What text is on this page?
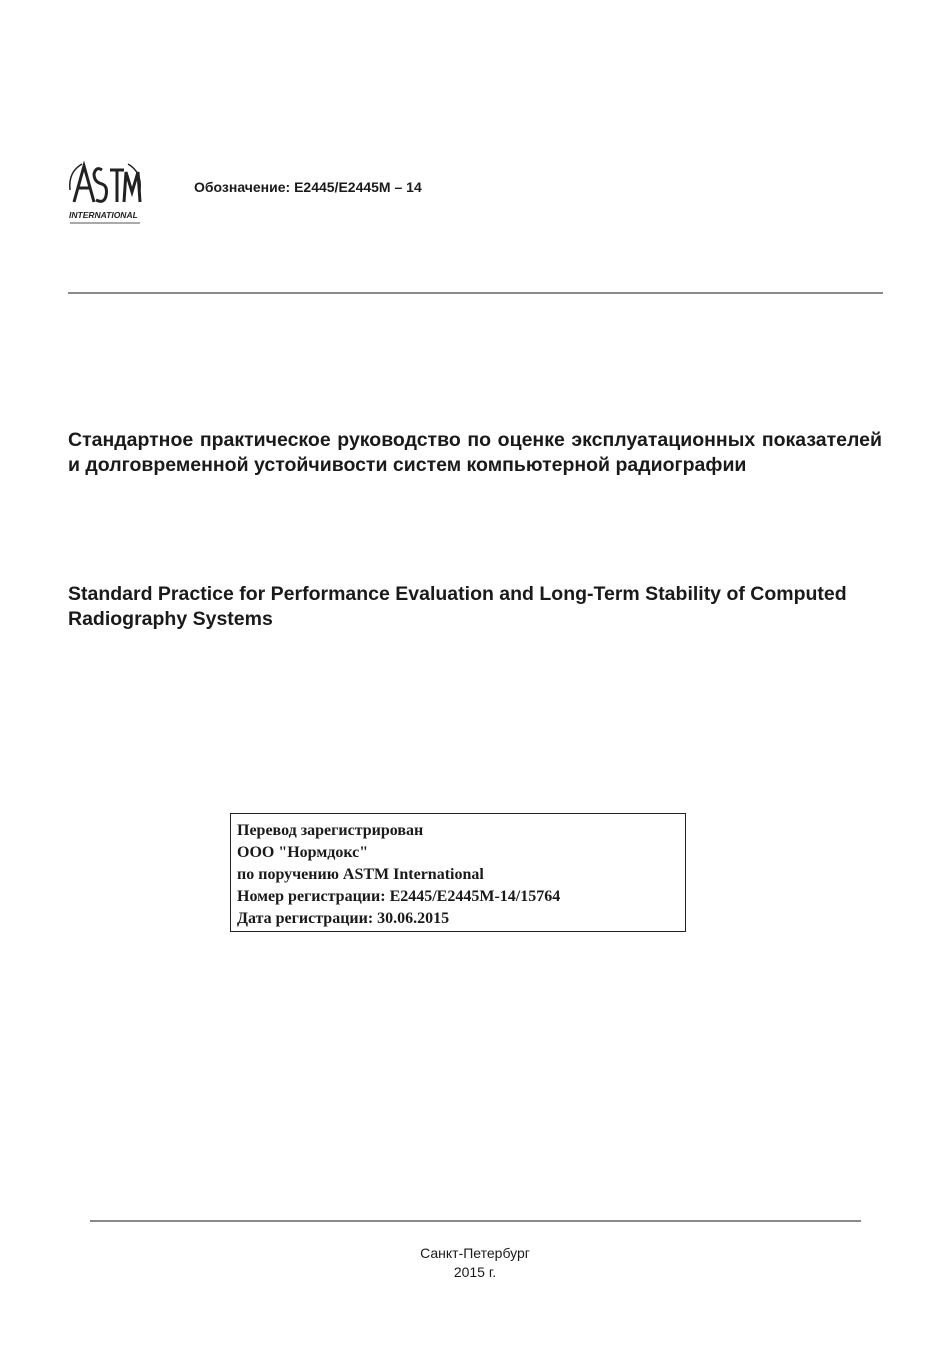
INTERNATIONAL
Обозначение: E2445/E2445M – 14
Стандартное практическое руководство по оценке эксплуатационных показателей и долговременной устойчивости систем компьютерной радиографии
Standard Practice for Performance Evaluation and Long-Term Stability of Computed Radiography Systems
Перевод зарегистрирован
ООО "Нормдокс"
по поручению ASTM International
Номер регистрации: E2445/E2445M-14/15764
Дата регистрации: 30.06.2015
Санкт-Петербург
2015 г.
